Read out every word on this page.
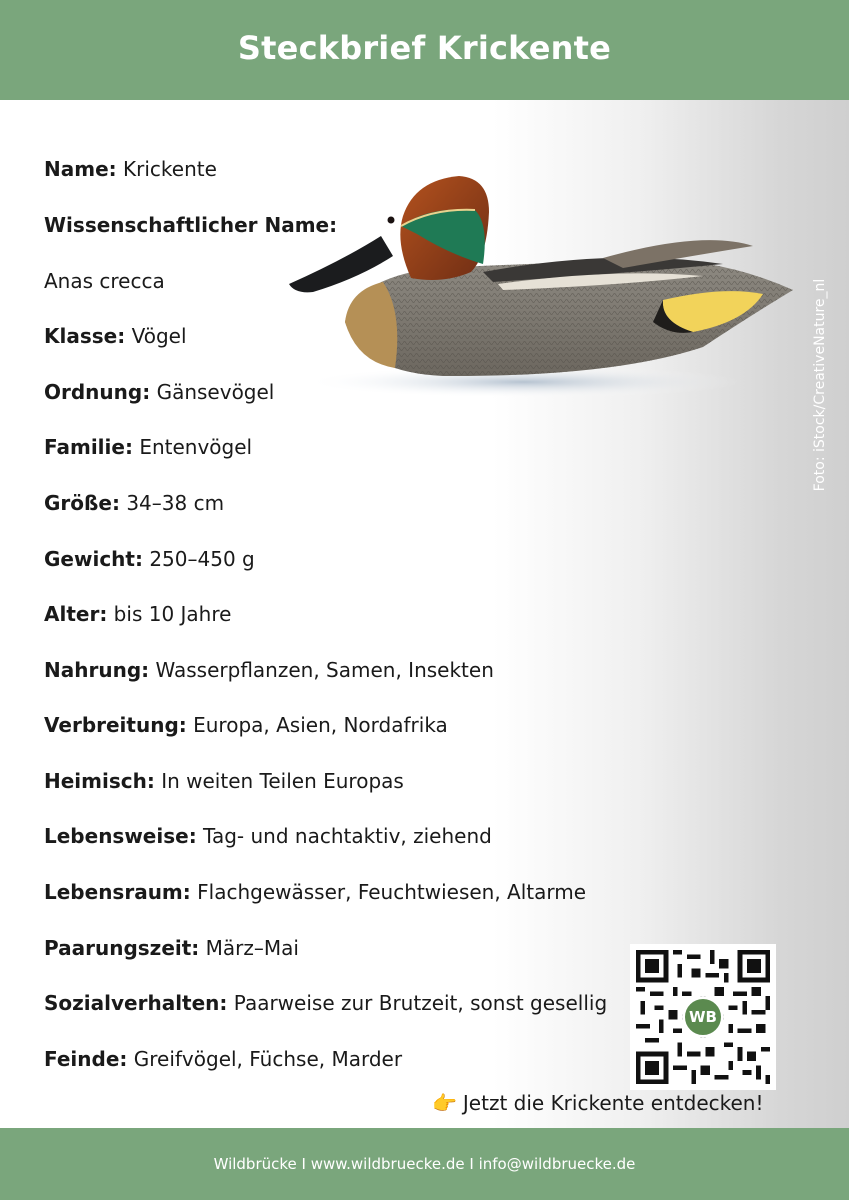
Steckbrief Krickente
Foto: iStock/CreativeNature_nl
Name: Krickente
Wissenschaftlicher Name:
Anas crecca
Klasse: Vögel
Ordnung: Gänsevögel
Familie: Entenvögel
Größe: 34–38 cm
Gewicht: 250–450 g
Alter: bis 10 Jahre
Nahrung: Wasserpflanzen, Samen, Insekten
Verbreitung: Europa, Asien, Nordafrika
Heimisch: In weiten Teilen Europas
Lebensweise: Tag- und nachtaktiv, ziehend
Lebensraum: Flachgewässer, Feuchtwiesen, Altarme
Paarungszeit: März–Mai
Sozialverhalten: Paarweise zur Brutzeit, sonst gesellig
Feinde: Greifvögel, Füchse, Marder
WB
👉 Jetzt die Krickente entdecken!
Wildbrücke I www.wildbruecke.de I info@wildbruecke.de
